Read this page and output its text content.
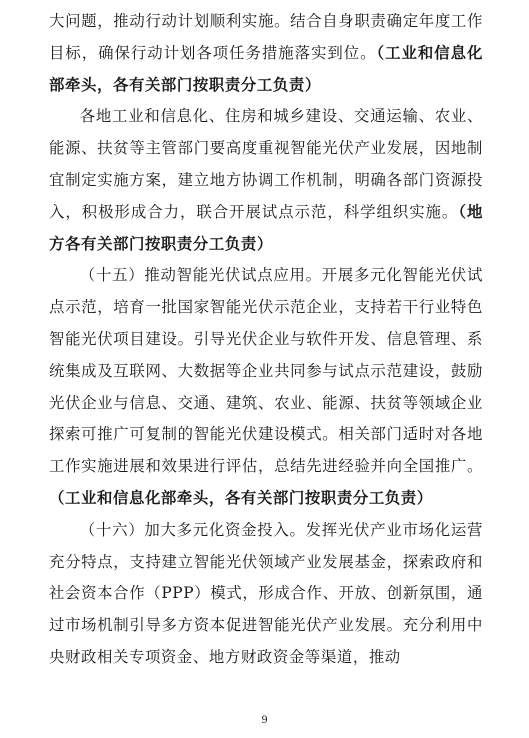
大问题，推动行动计划顺利实施。结合自身职责确定年度工作目标，确保行动计划各项任务措施落实到位。（工业和信息化部牵头，各有关部门按职责分工负责）

各地工业和信息化、住房和城乡建设、交通运输、农业、能源、扶贫等主管部门要高度重视智能光伏产业发展，因地制宜制定实施方案，建立地方协调工作机制，明确各部门资源投入，积极形成合力，联合开展试点示范，科学组织实施。（地方各有关部门按职责分工负责）

（十五）推动智能光伏试点应用。开展多元化智能光伏试点示范，培育一批国家智能光伏示范企业，支持若干行业特色智能光伏项目建设。引导光伏企业与软件开发、信息管理、系统集成及互联网、大数据等企业共同参与试点示范建设，鼓励光伏企业与信息、交通、建筑、农业、能源、扶贫等领域企业探索可推广可复制的智能光伏建设模式。相关部门适时对各地工作实施进展和效果进行评估，总结先进经验并向全国推广。（工业和信息化部牵头，各有关部门按职责分工负责）

（十六）加大多元化资金投入。发挥光伏产业市场化运营充分特点，支持建立智能光伏领域产业发展基金，探索政府和社会资本合作（PPP）模式，形成合作、开放、创新氛围，通过市场机制引导多方资本促进智能光伏产业发展。充分利用中央财政相关专项资金、地方财政资金等渠道，推动

9
